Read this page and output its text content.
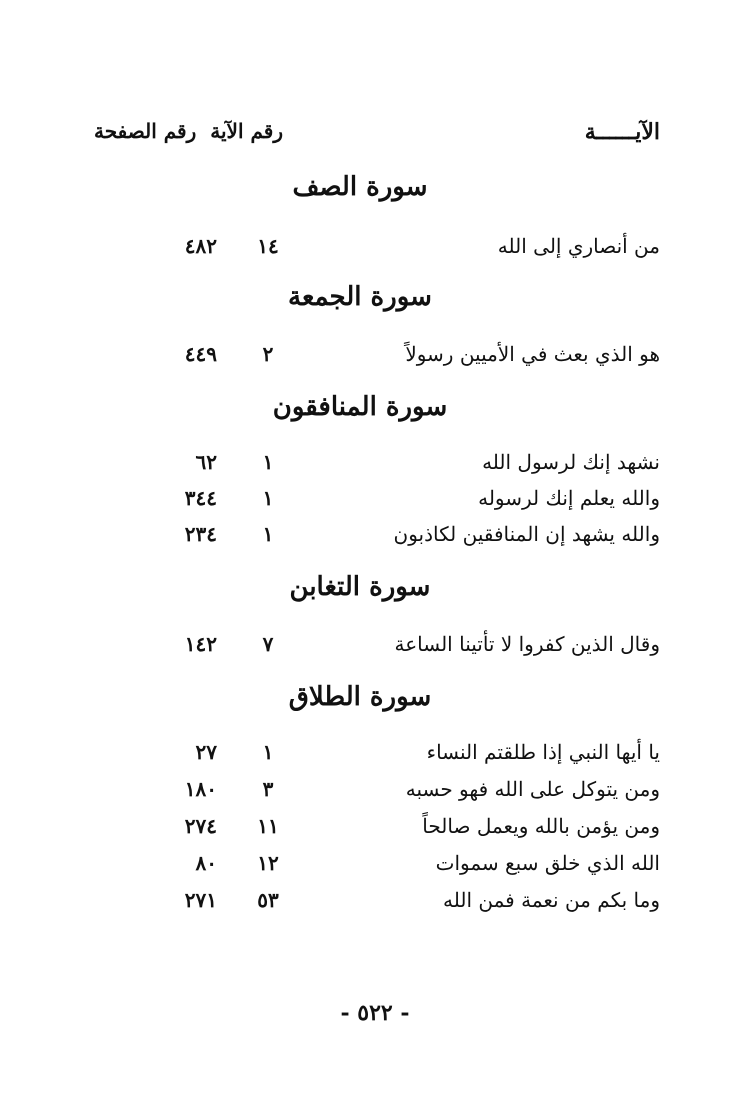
الآيــــــة
رقم الآيةرقم الصفحة
سورة الصف
من أنصاري إلى الله
١٤
٤٨٢
سورة الجمعة
هو الذي بعث في الأميين رسولاً
٢
٤٤٩
سورة المنافقون
نشهد إنك لرسول الله
١
٦٢
والله يعلم إنك لرسوله
١
٣٤٤
والله يشهد إن المنافقين لكاذبون
١
٢٣٤
سورة التغابن
وقال الذين كفروا لا تأتينا الساعة
٧
١٤٢
سورة الطلاق
يا أيها النبي إذا طلقتم النساء
١
٢٧
ومن يتوكل على الله فهو حسبه
٣
١٨٠
ومن يؤمن بالله ويعمل صالحاً
١١
٢٧٤
الله الذي خلق سبع سموات
١٢
٨٠
وما بكم من نعمة فمن الله
٥٣
٢٧١
- ٥٢٢ -
